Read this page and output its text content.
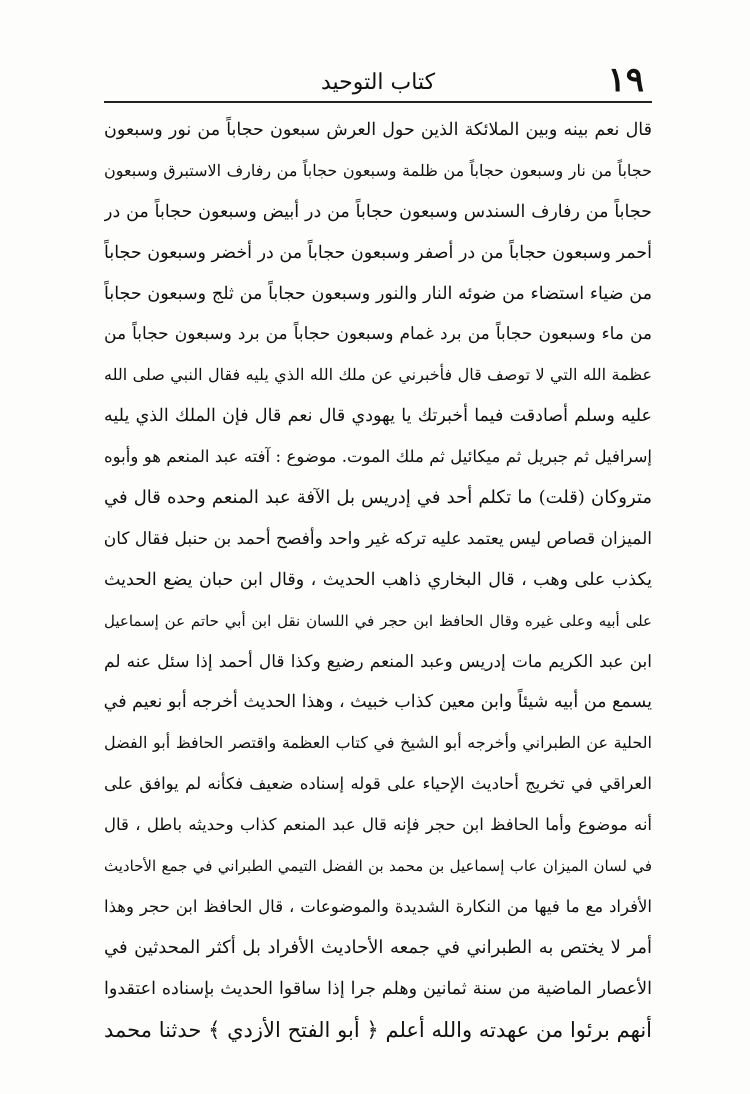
١٩
كتاب التوحيد
قال نعم بينه وبين الملائكة الذين حول العرش سبعون حجاباً من نور وسبعون
حجاباً من نار وسبعون حجاباً من ظلمة وسبعون حجاباً من رفارف الاستبرق وسبعون
حجاباً من رفارف السندس وسبعون حجاباً من در أبيض وسبعون حجاباً من در
أحمر وسبعون حجاباً من در أصفر وسبعون حجاباً من در أخضر وسبعون حجاباً
من ضياء استضاء من ضوئه النار والنور وسبعون حجاباً من ثلج وسبعون حجاباً
من ماء وسبعون حجاباً من برد غمام وسبعون حجاباً من برد وسبعون حجاباً من
عظمة الله التي لا توصف قال فأخبرني عن ملك الله الذي يليه فقال النبي صلى الله
عليه وسلم أصادقت فيما أخبرتك يا يهودي قال نعم قال فإن الملك الذي يليه
إسرافيل ثم جبريل ثم ميكائيل ثم ملك الموت. موضوع : آفته عبد المنعم هو وأبوه
متروكان (قلت) ما تكلم أحد في إدريس بل الآفة عبد المنعم وحده قال في
الميزان قصاص ليس يعتمد عليه تركه غير واحد وأفصح أحمد بن حنبل فقال كان
يكذب على وهب ، قال البخاري ذاهب الحديث ، وقال ابن حبان يضع الحديث
على أبيه وعلى غيره وقال الحافظ ابن حجر في اللسان نقل ابن أبي حاتم عن إسماعيل
ابن عبد الكريم مات إدريس وعبد المنعم رضيع وكذا قال أحمد إذا سئل عنه لم
يسمع من أبيه شيئاً وابن معين كذاب خبيث ، وهذا الحديث أخرجه أبو نعيم في
الحلية عن الطبراني وأخرجه أبو الشيخ في كتاب العظمة واقتصر الحافظ أبو الفضل
العراقي في تخريج أحاديث الإحياء على قوله إسناده ضعيف فكأنه لم يوافق على
أنه موضوع وأما الحافظ ابن حجر فإنه قال عبد المنعم كذاب وحديثه باطل ، قال
في لسان الميزان عاب إسماعيل بن محمد بن الفضل التيمي الطبراني في جمع الأحاديث
الأفراد مع ما فيها من النكارة الشديدة والموضوعات ، قال الحافظ ابن حجر وهذا
أمر لا يختص به الطبراني في جمعه الأحاديث الأفراد بل أكثر المحدثين في
الأعصار الماضية من سنة ثمانين وهلم جرا إذا ساقوا الحديث بإسناده اعتقدوا
أنهم برئوا من عهدته والله أعلم ﴿ أبو الفتح الأزدي ﴾ حدثنا محمد
